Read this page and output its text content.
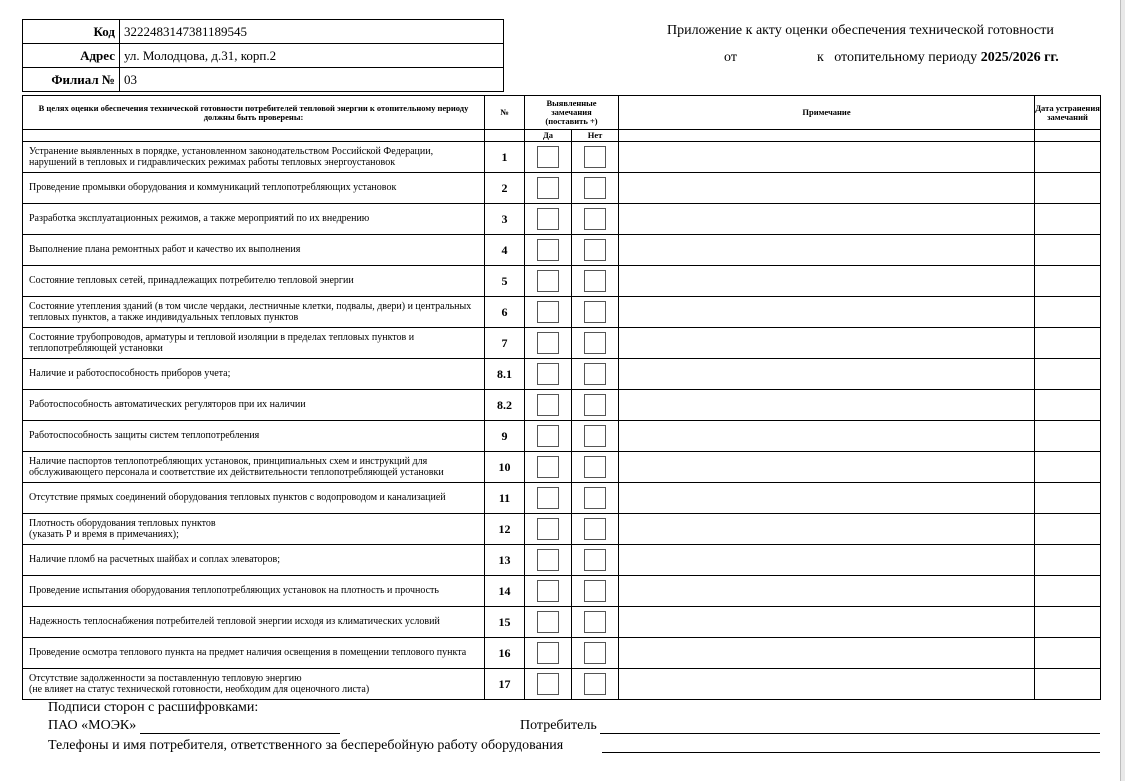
Код	3222483147381189545
Адрес	ул. Молодцова, д.31, корп.2
Филиал №	03
Приложение к акту оценки обеспечения технической готовности
от	к   отопительному периоду 2025/2026 гг.
В целях оценки обеспечения технической готовности потребителей тепловой энергии к отопительному периоду должны быть проверены:	№	Выявленные замечания (поставить +)		Примечание	Дата устранения замечаний

		Да	Нет		
Устранение выявленных в порядке, установленном законодательством Российской Федерации, нарушений в тепловых и гидравлических режимах работы тепловых энергоустановок	1	

Проведение промывки оборудования и коммуникаций теплопотребляющих установок	2	

Разработка эксплуатационных режимов, а также мероприятий по их внедрению	3	

Выполнение плана ремонтных работ и качество их выполнения	4	

Состояние тепловых сетей, принадлежащих потребителю тепловой энергии	5	

Состояние утепления зданий (в том числе чердаки, лестничные клетки, подвалы, двери) и центральных тепловых пунктов, а также индивидуальных тепловых пунктов	6	

Состояние трубопроводов, арматуры и тепловой изоляции в пределах тепловых пунктов и теплопотребляющей установки	7	

Наличие и работоспособность приборов учета;	8.1	

Работоспособность автоматических регуляторов при их наличии	8.2	

Работоспособность защиты систем теплопотребления	9	

Наличие паспортов теплопотребляющих установок, принципиальных схем и инструкций для обслуживающего персонала и соответствие их действительности теплопотребляющей установки	10	

Отсутствие прямых соединений оборудования тепловых пунктов с водопроводом и канализацией	11	

Плотность оборудования тепловых пунктов
(указать Р и время в примечаниях);	12	

Наличие пломб на расчетных шайбах и соплах элеваторов;	13	

Проведение испытания оборудования теплопотребляющих установок на плотность и прочность	14	

Надежность теплоснабжения потребителей тепловой энергии исходя из климатических условий	15	

Проведение осмотра теплового пункта на предмет наличия освещения в помещении теплового пункта	16	

Отсутствие задолженности за поставленную тепловую энергию
(не влияет на статус технической готовности, необходим для оценочного листа)	17	

Подписи сторон с расшифровками:
ПАО «МОЭК»	Потребитель
Телефоны и имя потребителя, ответственного за бесперебойную работу оборудования
